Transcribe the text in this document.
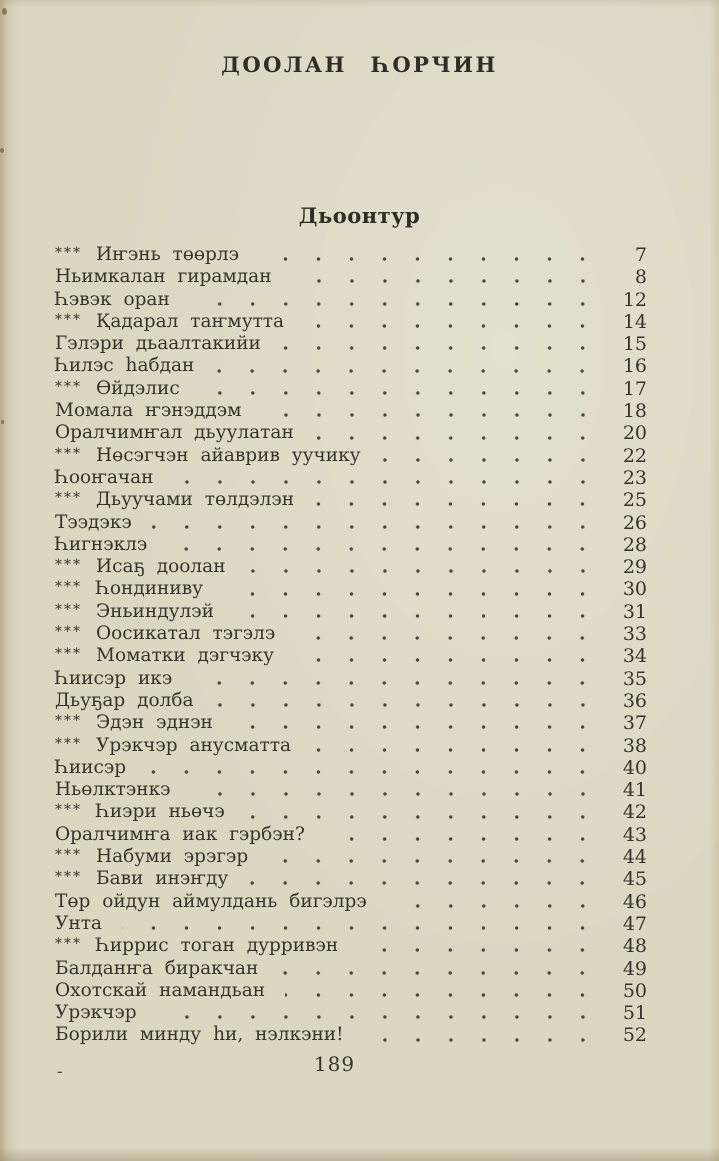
ДООЛАН ҺОРЧИН
Дьоонтур
*** Иҥэнь төөрлэ	7
Ньимкалан гирамдан	8
Һэвэк оран	12
*** Қадарал таҥмутта	14
Гэлэри дьаалтакийи	15
Һилэс һабдан	16
*** Өйдэлис	17
Момала ҥэнэддэм	18
Оралчимҥал дьуулатан	20
*** Нөсэгчэн айаврив уучику	22
Һооҥачан	23
*** Дьуучами төлдэлэн	25
Тээдэкэ	26
Һигнэклэ	28
*** Исаҕ доолан	29
*** Һондиниву	30
*** Эньиндулэй	31
*** Оосикатал тэгэлэ	33
*** Моматки дэгчэку	34
Һиисэр икэ	35
Дьуҕар долба	36
*** Эдэн эднэн	37
*** Урэкчэр анусматта	38
Һиисэр	40
Ньөлктэнкэ	41
*** Һиэри ньөчэ	42
Оралчимҥа иак гэрбэн?	43
*** Набуми эрэгэр	44
*** Бави инэҥду	45
Төр ойдун аймулдань бигэлрэ	46
Унта	47
*** Һиррис тоган дурривэн	48
Балданҥа биракчан	49
Охотскай намандьан	50
Урэкчэр	51
Борили минду һи, нэлкэни!	52
189
-
